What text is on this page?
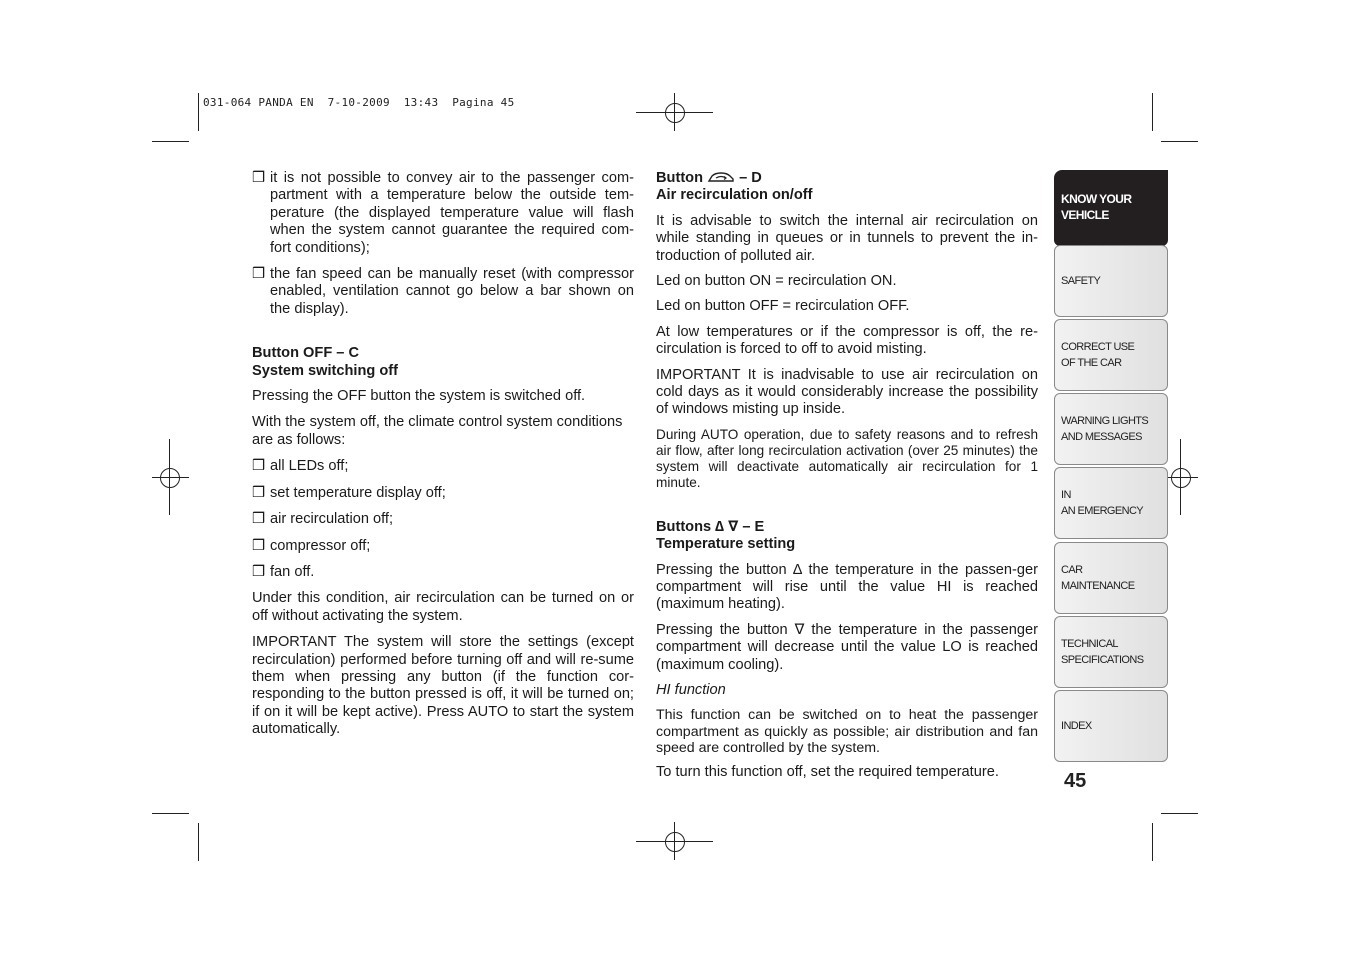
031-064 PANDA EN  7-10-2009  13:43  Pagina 45
❒ it is not possible to convey air to the passenger com-partment with a temperature below the outside tem-perature (the displayed temperature value will flash when the system cannot guarantee the required com-fort conditions);
❒ the fan speed can be manually reset (with compressor enabled, ventilation cannot go below a bar shown on the display).
Button OFF – C
System switching off

Pressing the OFF button the system is switched off.

With the system off, the climate control system conditions are as follows:

❒ all LEDs off;
❒ set temperature display off;
❒ air recirculation off;
❒ compressor off;
❒ fan off.

Under this condition, air recirculation can be turned on or off without activating the system.

IMPORTANT The system will store the settings (except recirculation) performed before turning off and will re-sume them when pressing any button (if the function cor-responding to the button pressed is off, it will be turned on; if on it will be kept active). Press AUTO to start the system automatically.

Button – D
Air recirculation on/off

It is advisable to switch the internal air recirculation on while standing in queues or in tunnels to prevent the in-troduction of polluted air.

Led on button ON = recirculation ON.

Led on button OFF = recirculation OFF.

At low temperatures or if the compressor is off, the re-circulation is forced to off to avoid misting.

IMPORTANT It is inadvisable to use air recirculation on cold days as it would considerably increase the possibility of windows misting up inside.

During AUTO operation, due to safety reasons and to refresh air flow, after long recirculation activation (over 25 minutes) the system will deactivate automatically air recirculation for 1 minute.

Buttons ∆ ∇ – E
Temperature setting

Pressing the button ∆ the temperature in the passen-ger compartment will rise until the value HI is reached (maximum heating).

Pressing the button ∇ the temperature in the passenger compartment will decrease until the value LO is reached (maximum cooling).

HI function

This function can be switched on to heat the passenger compartment as quickly as possible; air distribution and fan speed are controlled by the system.

To turn this function off, set the required temperature.

KNOW YOUR
VEHICLE
SAFETY
CORRECT USE
OF THE CAR
WARNING LIGHTS
AND MESSAGES
IN
AN EMERGENCY
CAR
MAINTENANCE
TECHNICAL
SPECIFICATIONS
INDEX
45
